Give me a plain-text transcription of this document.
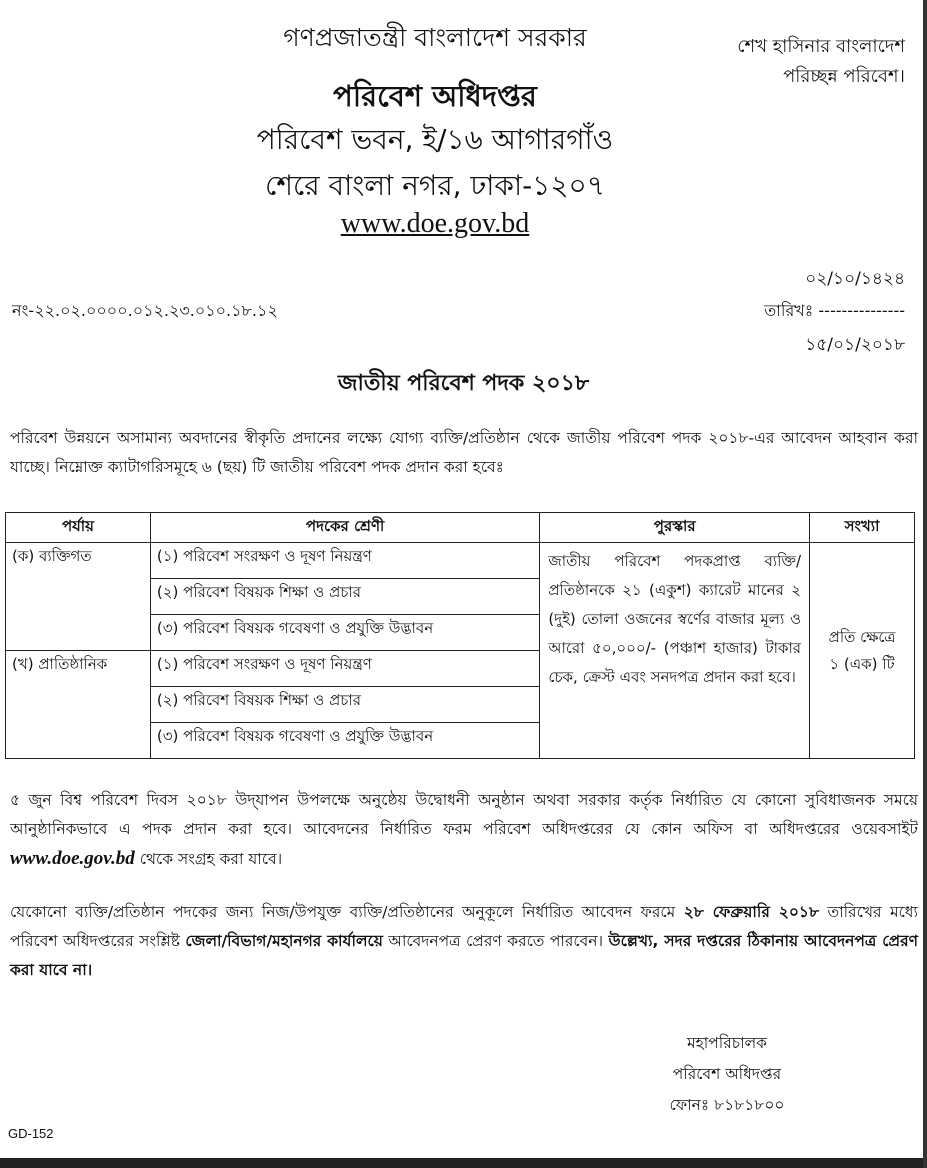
গণপ্রজাতন্ত্রী বাংলাদেশ সরকার	শেখ হাসিনার বাংলাদেশ
পরিচ্ছন্ন পরিবেশ।
পরিবেশ অধিদপ্তর
পরিবেশ ভবন, ই/১৬ আগারগাঁও
শেরে বাংলা নগর, ঢাকা-১২০৭
www.doe.gov.bd
০২/১০/১৪২৪
নং-২২.০২.০০০০.০১২.২৩.০১০.১৮.১২	তারিখঃ ---------------
১৫/০১/২০১৮
জাতীয় পরিবেশ পদক ২০১৮
পরিবেশ উন্নয়নে অসামান্য অবদানের স্বীকৃতি প্রদানের লক্ষ্যে যোগ্য ব্যক্তি/প্রতিষ্ঠান থেকে জাতীয় পরিবেশ পদক ২০১৮-এর আবেদন আহবান করা যাচ্ছে। নিম্নোক্ত ক্যাটাগরিসমূহে ৬ (ছয়) টি জাতীয় পরিবেশ পদক প্রদান করা হবেঃ
পর্যায়	পদকের শ্রেণী	পুরস্কার	সংখ্যা
(ক) ব্যক্তিগত	(১) পরিবেশ সংরক্ষণ ও দূষণ নিয়ন্ত্রণ	জাতীয় পরিবেশ পদকপ্রাপ্ত ব্যক্তি/প্রতিষ্ঠানকে ২১ (একুশ) ক্যারেট মানের ২ (দুই) তোলা ওজনের স্বর্ণের বাজার মূল্য ও আরো ৫০,০০০/- (পঞ্চাশ হাজার) টাকার চেক, ক্রেস্ট এবং সনদপত্র প্রদান করা হবে।	প্রতি ক্ষেত্রে
১ (এক) টি

	(২) পরিবেশ বিষয়ক শিক্ষা ও প্রচার		
	(৩) পরিবেশ বিষয়ক গবেষণা ও প্রযুক্তি উদ্ভাবন		
(খ) প্রাতিষ্ঠানিক	(১) পরিবেশ সংরক্ষণ ও দূষণ নিয়ন্ত্রণ		
	(২) পরিবেশ বিষয়ক শিক্ষা ও প্রচার		
	(৩) পরিবেশ বিষয়ক গবেষণা ও প্রযুক্তি উদ্ভাবন		
৫ জুন বিশ্ব পরিবেশ দিবস ২০১৮ উদ্‌যাপন উপলক্ষে অনুষ্ঠেয় উদ্বোধনী অনুষ্ঠান অথবা সরকার কর্তৃক নির্ধারিত যে কোনো সুবিধাজনক সময়ে আনুষ্ঠানিকভাবে এ পদক প্রদান করা হবে। আবেদনের নির্ধারিত ফরম পরিবেশ অধিদপ্তরের যে কোন অফিস বা অধিদপ্তরের ওয়েবসাইট www.doe.gov.bd থেকে সংগ্রহ করা যাবে।
যেকোনো ব্যক্তি/প্রতিষ্ঠান পদকের জন্য নিজ/উপযুক্ত ব্যক্তি/প্রতিষ্ঠানের অনুকূলে নির্ধারিত আবেদন ফরমে ২৮ ফেব্রুয়ারি ২০১৮ তারিখের মধ্যে পরিবেশ অধিদপ্তরের সংশ্লিষ্ট জেলা/বিভাগ/মহানগর কার্যালয়ে আবেদনপত্র প্রেরণ করতে পারবেন। উল্লেখ্য, সদর দপ্তরের ঠিকানায় আবেদনপত্র প্রেরণ করা যাবে না।
মহাপরিচালক
পরিবেশ অধিদপ্তর
ফোনঃ ৮১৮১৮০০
GD-152
